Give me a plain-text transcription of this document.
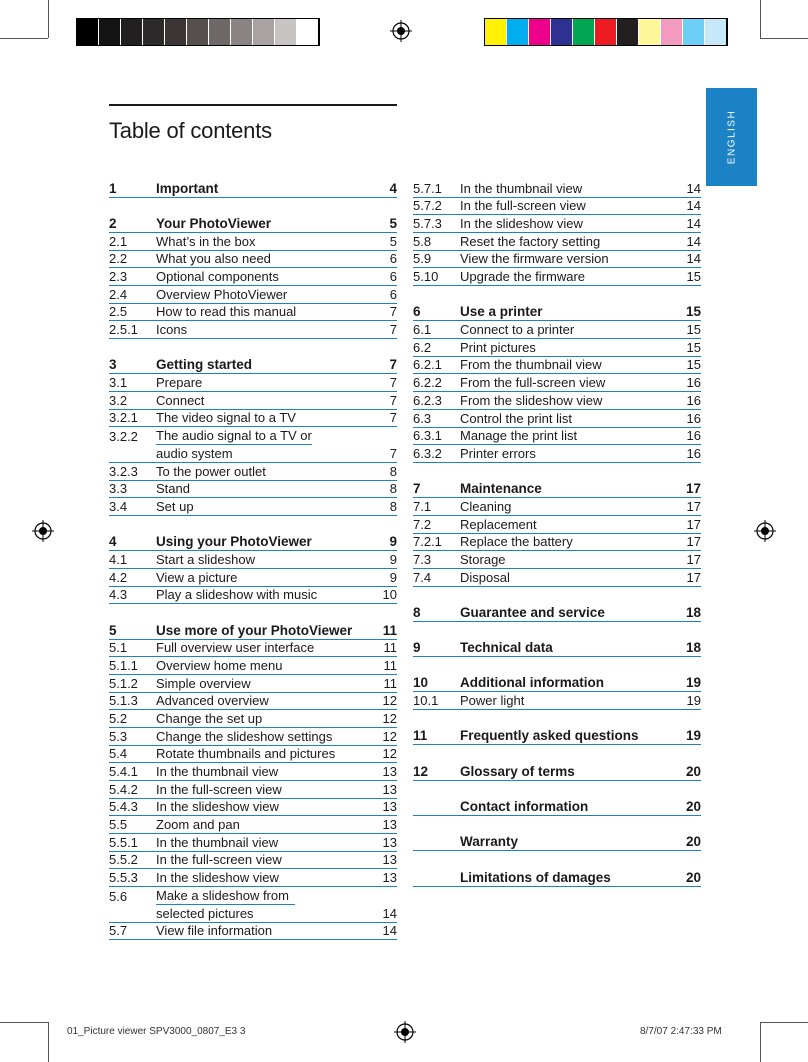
Table of contents	ENGLISH
1	Important	4
2	Your PhotoViewer	5
2.1	What’s in the box	5
2.2	What you also need	6
2.3	Optional components	6
2.4	Overview PhotoViewer	6
2.5	How to read this manual	7
2.5.1	Icons	7
3	Getting started	7
3.1	Prepare	7
3.2	Connect	7
3.2.1	The video signal to a TV	7
3.2.2	The audio signal to a TV or
audio system	7
3.2.3	To the power outlet	8
3.3	Stand	8
3.4	Set up	8
4	Using your PhotoViewer	9
4.1	Start a slideshow	9
4.2	View a picture	9
4.3	Play a slideshow with music	10
5	Use more of your PhotoViewer	11
5.1	Full overview user interface	11
5.1.1	Overview home menu	11
5.1.2	Simple overview	11
5.1.3	Advanced overview	12
5.2	Change the set up	12
5.3	Change the slideshow settings	12
5.4	Rotate thumbnails and pictures	12
5.4.1	In the thumbnail view	13
5.4.2	In the full-screen view	13
5.4.3	In the slideshow view	13
5.5	Zoom and pan	13
5.5.1	In the thumbnail view	13
5.5.2	In the full-screen view	13
5.5.3	In the slideshow view	13
5.6	Make a slideshow from
selected pictures	14
5.7	View file information	14
5.7.1	In the thumbnail view	14
5.7.2	In the full-screen view	14
5.7.3	In the slideshow view	14
5.8	Reset the factory setting	14
5.9	View the firmware version	14
5.10	Upgrade the firmware	15
6	Use a printer	15
6.1	Connect to a printer	15
6.2	Print pictures	15
6.2.1	From the thumbnail view	15
6.2.2	From the full-screen view	16
6.2.3	From the slideshow view	16
6.3	Control the print list	16
6.3.1	Manage the print list	16
6.3.2	Printer errors	16
7	Maintenance	17
7.1	Cleaning	17
7.2	Replacement	17
7.2.1	Replace the battery	17
7.3	Storage	17
7.4	Disposal	17
8	Guarantee and service	18
9	Technical data	18
10	Additional information	19
10.1	Power light	19
11	Frequently asked questions	19
12	Glossary of terms	20
Contact information	20
Warranty	20
Limitations of damages	20
01_Picture viewer SPV3000_0807_E3 3	8/7/07 2:47:33 PM
